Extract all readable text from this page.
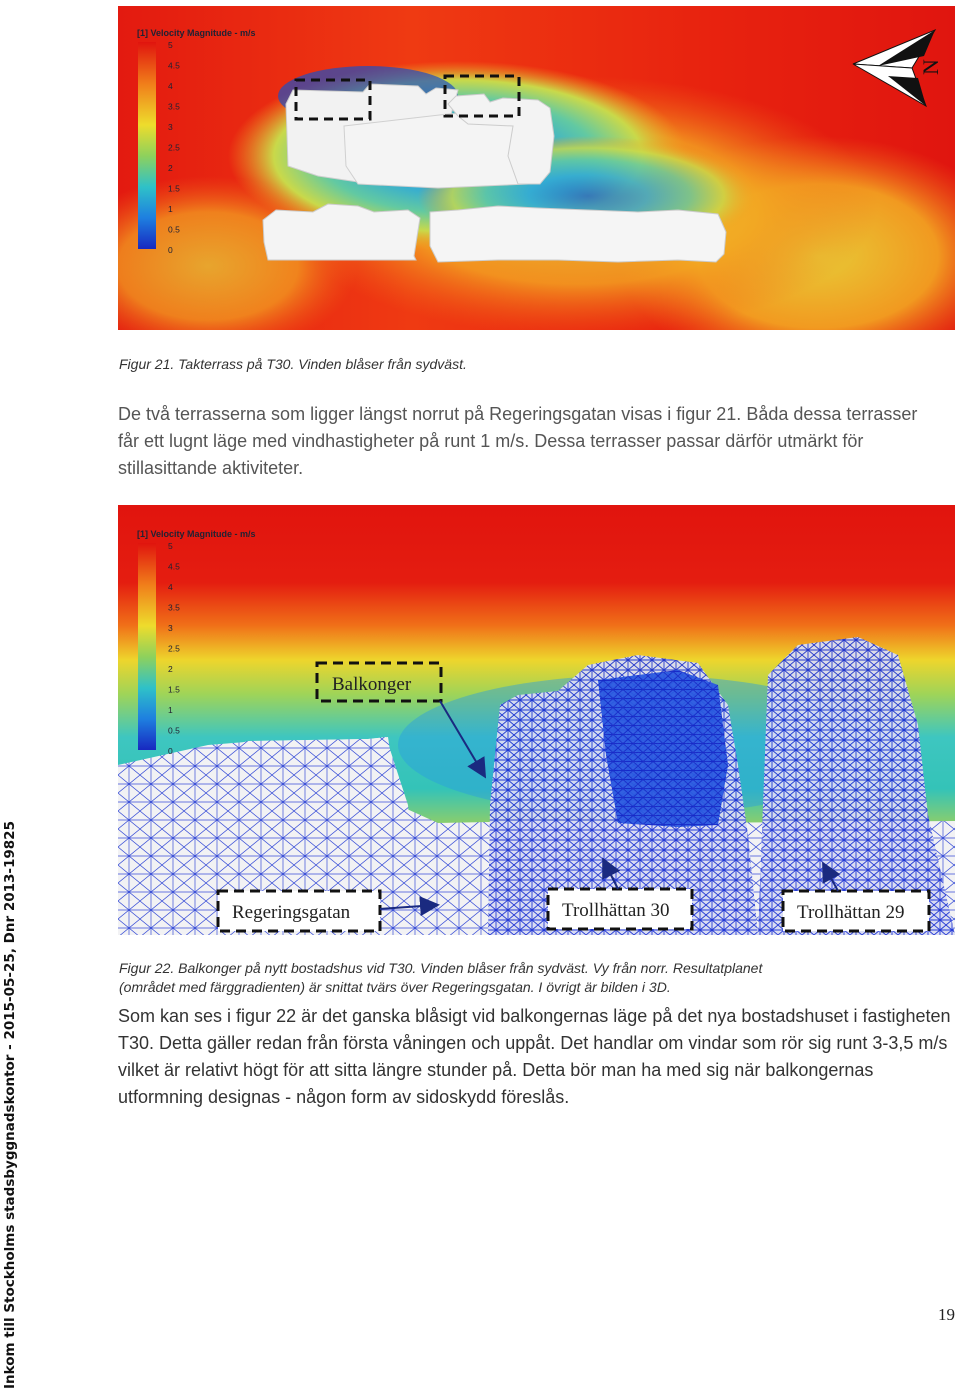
Inkom till Stockholms stadsbyggnadskontor - 2015-05-25, Dnr 2013-19825
[1] Velocity Magnitude - m/s
5
4.5
4
3.5
3
2.5
2
1.5
1
0.5
0
N
Figur 21. Takterrass på T30. Vinden blåser från sydväst.
De två terrasserna som ligger längst norrut på Regeringsgatan visas i figur 21. Båda dessa terrasser får ett lugnt läge med vindhastigheter på runt 1 m/s. Dessa terrasser passar därför utmärkt för stillasittande aktiviteter.
[1] Velocity Magnitude - m/s
5
4.5
4
3.5
3
2.5
2
1.5
1
0.5
0
Balkonger
Regeringsgatan	Trollhättan 30	Trollhättan 29
Figur 22. Balkonger på nytt bostadshus vid T30. Vinden blåser från sydväst. Vy från norr. Resultatplanet
(området med färggradienten) är snittat tvärs över Regeringsgatan. I övrigt är bilden i 3D.
Som kan ses i figur 22 är det ganska blåsigt vid balkongernas läge på det nya bostadshuset i fastigheten T30. Detta gäller redan från första våningen och uppåt. Det handlar om vindar som rör sig runt 3-3,5 m/s vilket är relativt högt för att sitta längre stunder på. Detta bör man ha med sig när balkongernas utformning designas - någon form av sidoskydd föreslås.
19
